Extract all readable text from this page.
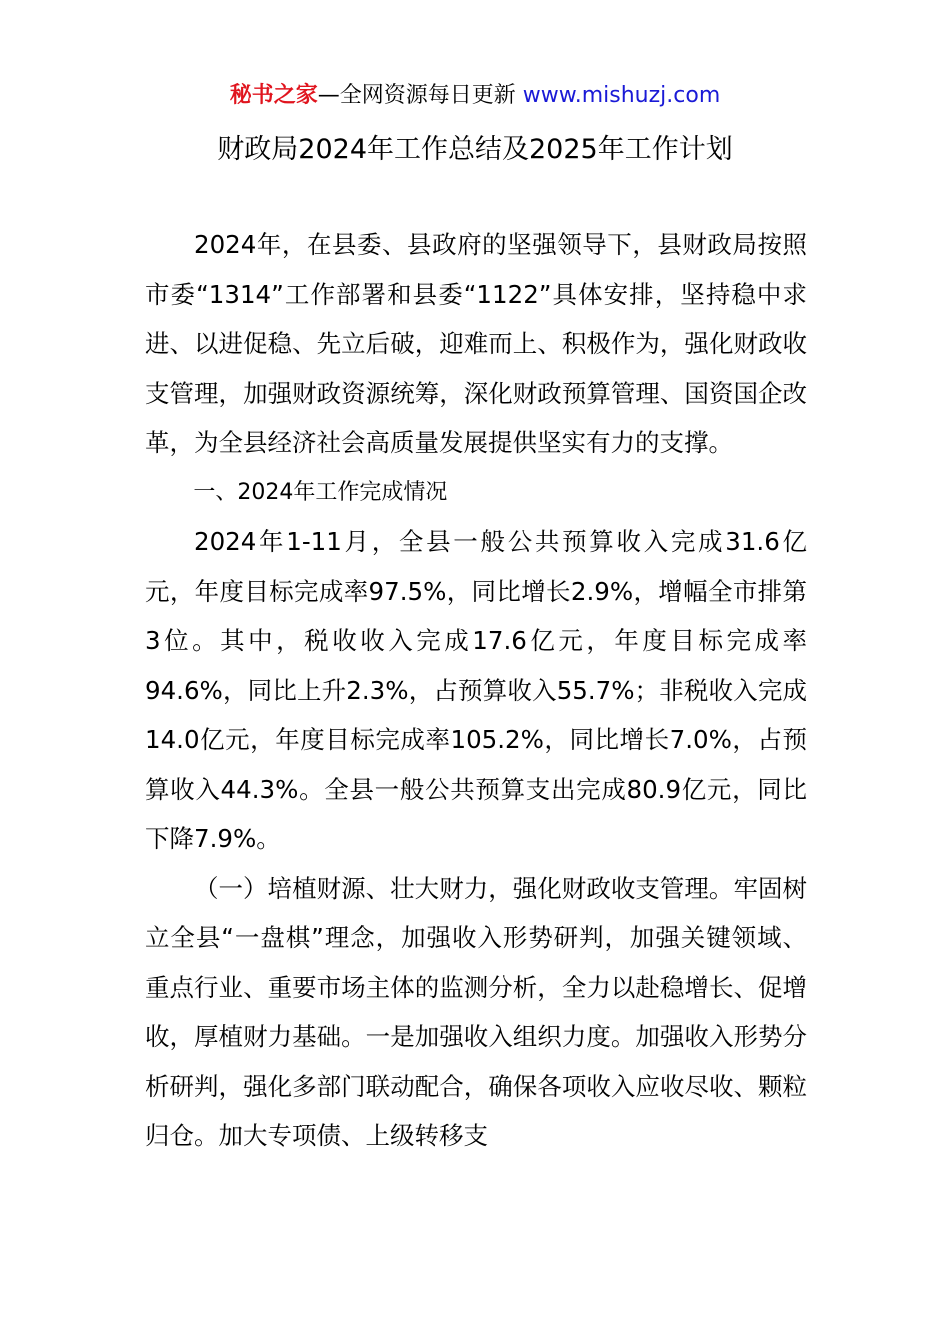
秘书之家—全网资源每日更新 www.mishuzj.com
财政局2024年工作总结及2025年工作计划

2024年，在县委、县政府的坚强领导下，县财政局按照市委“1314”工作部署和县委“1122”具体安排，坚持稳中求进、以进促稳、先立后破，迎难而上、积极作为，强化财政收支管理，加强财政资源统筹，深化财政预算管理、国资国企改革，为全县经济社会高质量发展提供坚实有力的支撑。

一、2024年工作完成情况

2024年1-11月，全县一般公共预算收入完成31.6亿元，年度目标完成率97.5%，同比增长2.9%，增幅全市排第3位。其中，税收收入完成17.6亿元，年度目标完成率94.6%，同比上升2.3%，占预算收入55.7%；非税收入完成14.0亿元，年度目标完成率105.2%，同比增长7.0%，占预算收入44.3%。全县一般公共预算支出完成80.9亿元，同比下降7.9%。

（一）培植财源、壮大财力，强化财政收支管理。牢固树立全县“一盘棋”理念，加强收入形势研判，加强关键领域、重点行业、重要市场主体的监测分析，全力以赴稳增长、促增收，厚植财力基础。一是加强收入组织力度。加强收入形势分析研判，强化多部门联动配合，确保各项收入应收尽收、颗粒归仓。加大专项债、上级转移支
